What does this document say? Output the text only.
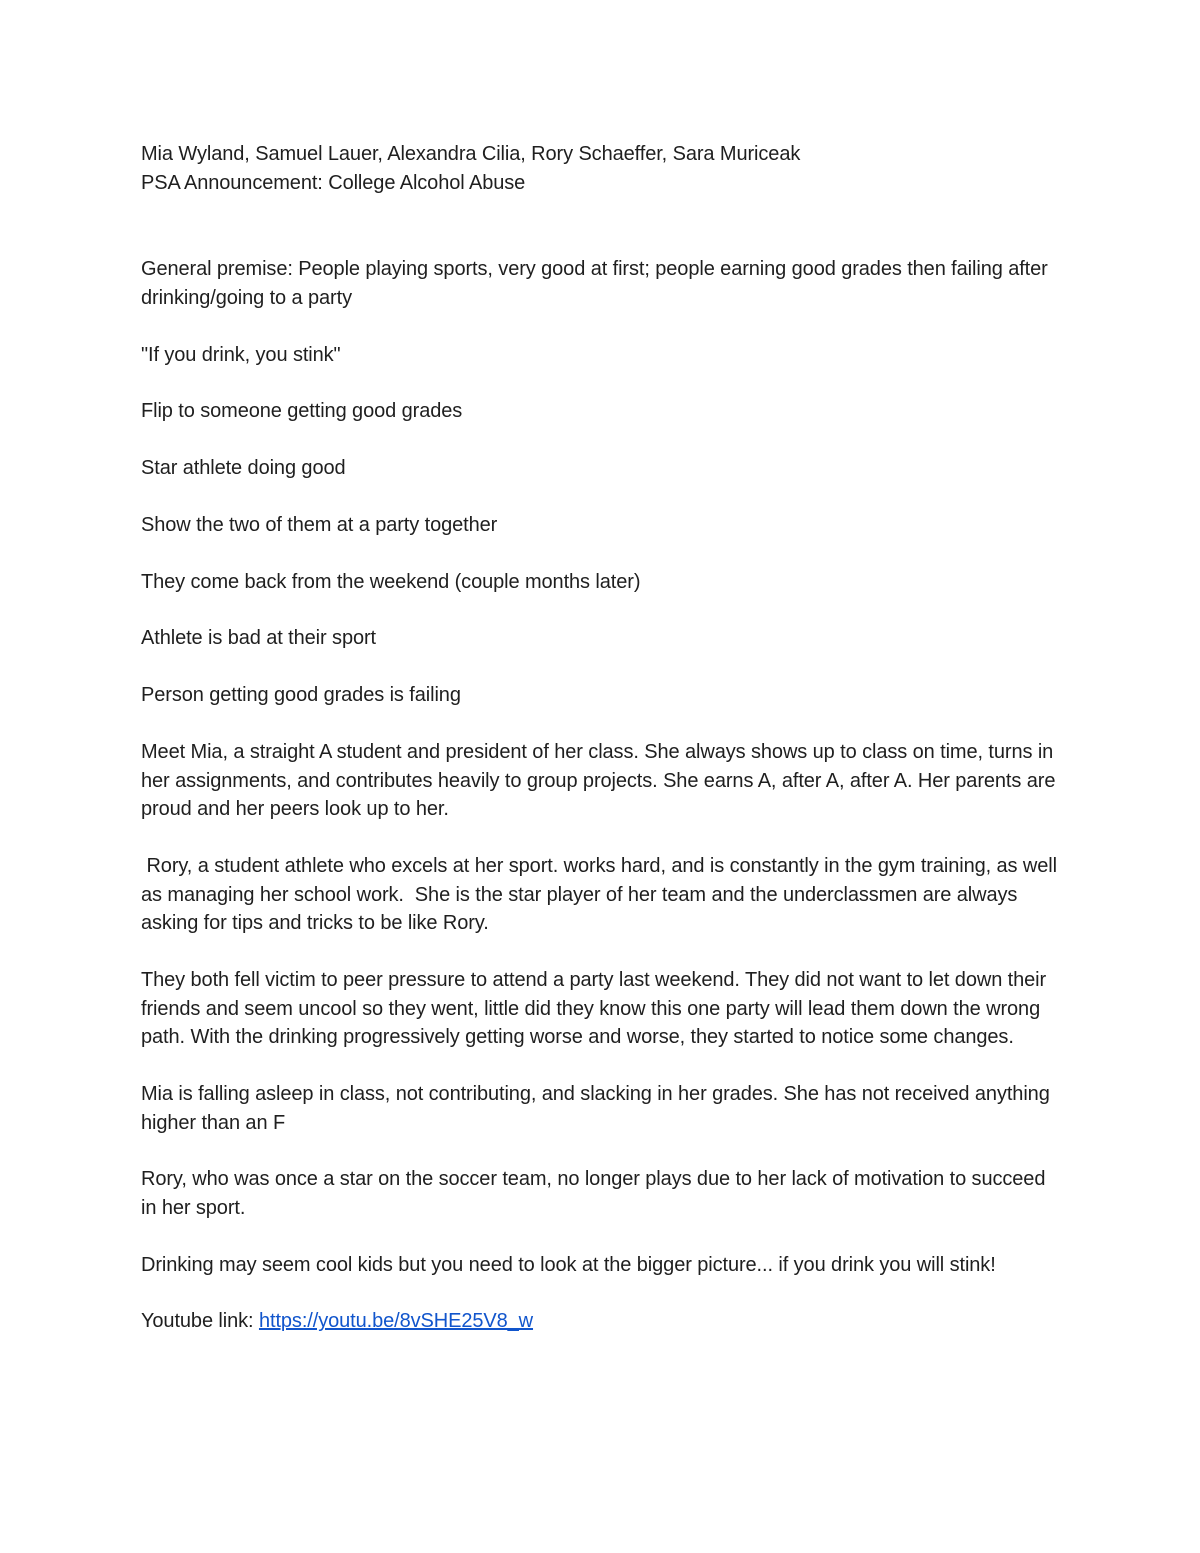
Mia Wyland, Samuel Lauer, Alexandra Cilia, Rory Schaeffer, Sara Muriceak

PSA Announcement: College Alcohol Abuse

General premise: People playing sports, very good at first; people earning good grades then failing after drinking/going to a party

"If you drink, you stink"

Flip to someone getting good grades

Star athlete doing good

Show the two of them at a party together

They come back from the weekend (couple months later)

Athlete is bad at their sport

Person getting good grades is failing

Meet Mia, a straight A student and president of her class. She always shows up to class on time, turns in her assignments, and contributes heavily to group projects. She earns A, after A, after A. Her parents are proud and her peers look up to her.

Rory, a student athlete who excels at her sport. works hard, and is constantly in the gym training, as well as managing her school work.  She is the star player of her team and the underclassmen are always asking for tips and tricks to be like Rory.

They both fell victim to peer pressure to attend a party last weekend. They did not want to let down their friends and seem uncool so they went, little did they know this one party will lead them down the wrong path. With the drinking progressively getting worse and worse, they started to notice some changes.

Mia is falling asleep in class, not contributing, and slacking in her grades. She has not received anything higher than an F

Rory, who was once a star on the soccer team, no longer plays due to her lack of motivation to succeed in her sport.

Drinking may seem cool kids but you need to look at the bigger picture... if you drink you will stink!

Youtube link: https://youtu.be/8vSHE25V8_w
